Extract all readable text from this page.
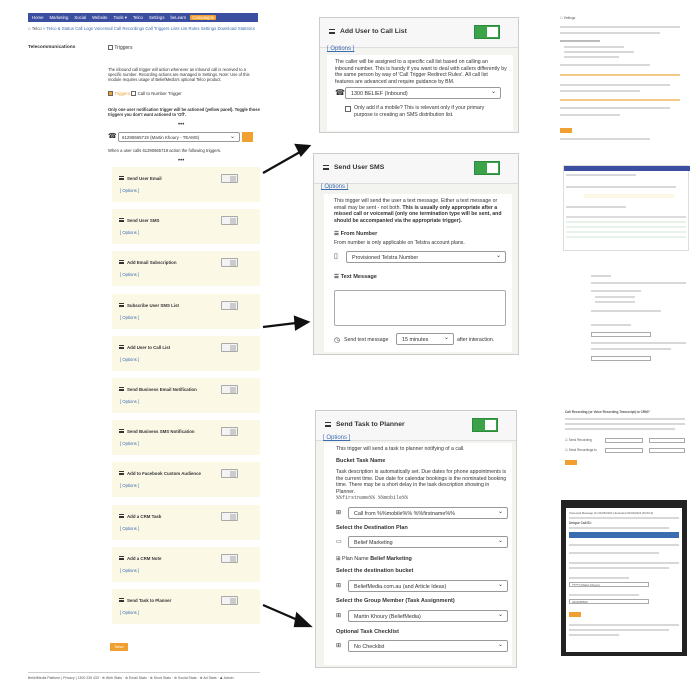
Home	Marketing	Social	Website	Tools ▾	Telco	Settings	beLearn	Campaigns
⌂ Telco » Telco & Status Call Logs Voicemail Call Recordings Call Triggers Lists List Rules Settings Download Statistics
Telecommunications	Triggers
The inbound call trigger will action whenever an inbound call is received to a specific number. Recording actions are managed in Settings. Note: Use of this module requires usage of BeliefMedia's optional Telco product.
Triggers Call to Number Trigger
Only one user notification trigger will be actioned (yellow panel). Toggle those triggers you don't want actioned to 'Off'.
•••
☎	61290665719 (Martin Khoury - TEAMS) ⌄
When a user calls 61290665719 action the following triggers.
•••
Send User Email
[ Options ]
Send User SMS
[ Options ]
Add Email Subscription
[ Options ]
Subscribe User SMS List
[ Options ]
Add User to Call List
[ Options ]
Send Business Email Notification
[ Options ]
Send Business SMS Notification
[ Options ]
Add to Facebook Custom Audience
[ Options ]
Add a CRM Task
[ Options ]
Add a CRM Note
[ Options ]
Send Task to Planner
[ Options ]
Save
BeliefMedia Platform | Privacy | 1300 235 433 · ⊕ Web Stats · ⊕ Email Stats · ⊕ Short Stats · ⊕ Social Stats · ⊕ Ad Stats · ♟ Admin
Add User to Call List
[ Options ]
The caller will be assigned to a specific call list based on calling an inbound number. This is handy if you want to deal with callers differently by the same person by way of 'Call Trigger Redirect Rules'. All call list features are advanced and require guidance by BM.
☎	1300 BELIEF (Inbound) ⌄
Only add if a mobile? This is relevant only if your primary purpose is creating an SMS distribution list.
Send User SMS
[ Options ]
This trigger will send the user a text message. Either a text message or email may be sent - not both. This is usually only appropriate after a missed call or voicemail (only one termination type will be sent, and should be accompanied via the appropriate trigger).
☰ From Number
From number is only applicable on Telstra account plans.
▯	Provisioned Telstra Number ⌄
☰ Text Message
◷ Send text message	15 minutes ⌄	after interaction.
Send Task to Planner
[ Options ]
This trigger will send a task to planner notifying of a call.
Bucket Task Name
Task description is automatically set. Due dates for phone appointments is the current time. Due date for calendar bookings is the nominated booking time. There may be a short delay in the task description showing in Planner.
%%firstname%% %%mobile%%
⊞	Call from %%mobile%% %%firstname%% ⌄
Select the Destination Plan
▭	Belief Marketing ⌄
⊞ Plan Name Belief Marketing
Select the destination bucket
⊞	BeliefMedia.com.au (and Article Ideas) ⌄
Select the Group Member (Task Assignment)
⊞	Martin Khoury (BeliefMedia) ⌄
Optional Task Checklist
⊞	No Checklist ⌄
☐ Settings
Call Recording (or Voice Recording Transcript) to CRM?
☑ Send Recording
☑ Send Recordings to
Voicemail Message On 04/06/2024 | Extended 04/04/2024 (8:00:12)
Unique Call ID:
????? (Martin Khoury)
0416695600
